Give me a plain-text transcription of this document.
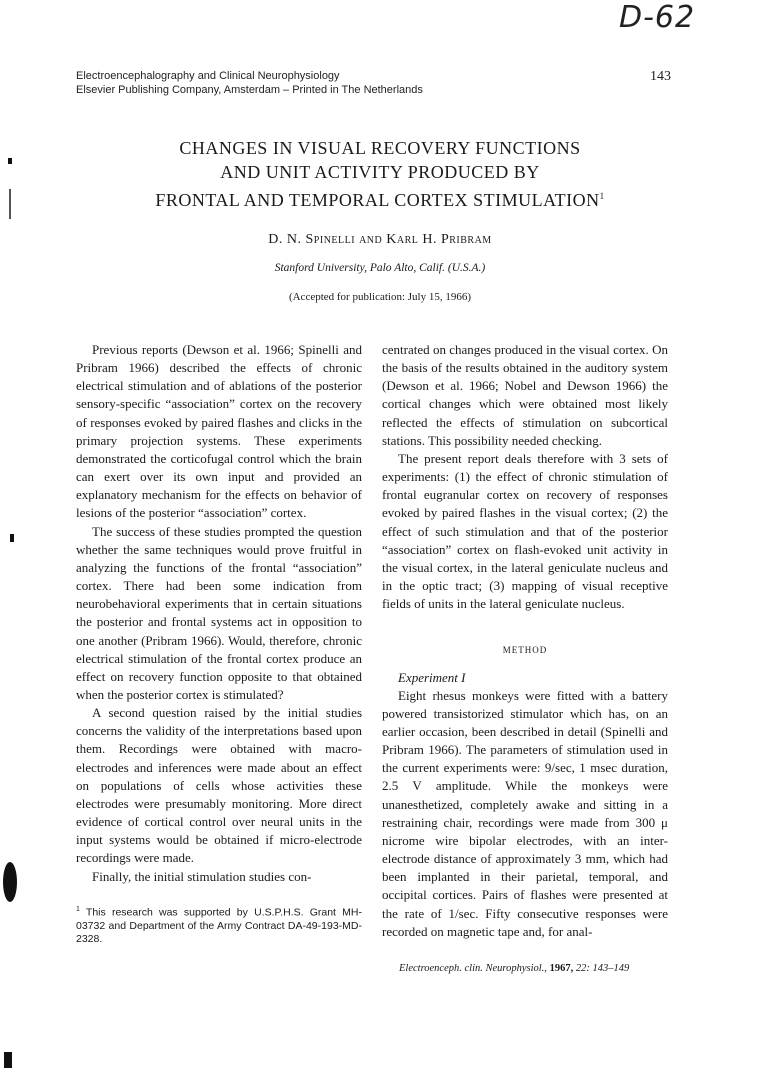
D-62
Electroencephalography and Clinical Neurophysiology
Elsevier Publishing Company, Amsterdam – Printed in The Netherlands
143
CHANGES IN VISUAL RECOVERY FUNCTIONS
AND UNIT ACTIVITY PRODUCED BY
FRONTAL AND TEMPORAL CORTEX STIMULATION$^1$
D. N. Spinelli and Karl H. Pribram
Stanford University, Palo Alto, Calif. (U.S.A.)
(Accepted for publication: July 15, 1966)

Previous reports (Dewson et al. 1966; Spinelli and Pribram 1966) described the effects of chronic electrical stimulation and of ablations of the posterior sensory-specific “association” cortex on the recovery of responses evoked by paired flashes and clicks in the primary projection systems. These experiments demonstrated the corticofugal control which the brain can exert over its own input and provided an explanatory mechanism for the effects on behavior of lesions of the posterior “association” cortex.

The success of these studies prompted the question whether the same techniques would prove fruitful in analyzing the functions of the frontal “association” cortex. There had been some indication from neurobehavioral experiments that in certain situations the posterior and frontal systems act in opposition to one another (Pribram 1966). Would, therefore, chronic electrical stimulation of the frontal cortex produce an effect on recovery function opposite to that obtained when the posterior cortex is stimulated?

A second question raised by the initial studies concerns the validity of the interpretations based upon them. Recordings were obtained with macro-electrodes and inferences were made about an effect on populations of cells whose activities these electrodes were presumably monitoring. More direct evidence of cortical control over neural units in the input systems would be obtained if micro-electrode recordings were made.

Finally, the initial stimulation studies con-

$^1$ This research was supported by U.S.P.H.S. Grant MH-03732 and Department of the Army Contract DA-49-193-MD-2328.

centrated on changes produced in the visual cortex. On the basis of the results obtained in the auditory system (Dewson et al. 1966; Nobel and Dewson 1966) the cortical changes which were obtained most likely reflected the effects of stimulation on subcortical stations. This possibility needed checking.

The present report deals therefore with 3 sets of experiments: (1) the effect of chronic stimulation of frontal eugranular cortex on recovery of responses evoked by paired flashes in the visual cortex; (2) the effect of such stimulation and that of the posterior “association” cortex on flash-evoked unit activity in the visual cortex, in the lateral geniculate nucleus and in the optic tract; (3) mapping of visual receptive fields of units in the lateral geniculate nucleus.

METHOD

Experiment I

Eight rhesus monkeys were fitted with a battery powered transistorized stimulator which has, on an earlier occasion, been described in detail (Spinelli and Pribram 1966). The parameters of stimulation used in the current experiments were: 9/sec, 1 msec duration, 2.5 V amplitude. While the monkeys were unanesthetized, completely awake and sitting in a restraining chair, recordings were made from 300 μ nicrome wire bipolar electrodes, with an inter-electrode distance of approximately 3 mm, which had been implanted in their parietal, temporal, and occipital cortices. Pairs of flashes were presented at the rate of 1/sec. Fifty consecutive responses were recorded on magnetic tape and, for anal-

Electroenceph. clin. Neurophysiol., 1967, 22: 143–149
